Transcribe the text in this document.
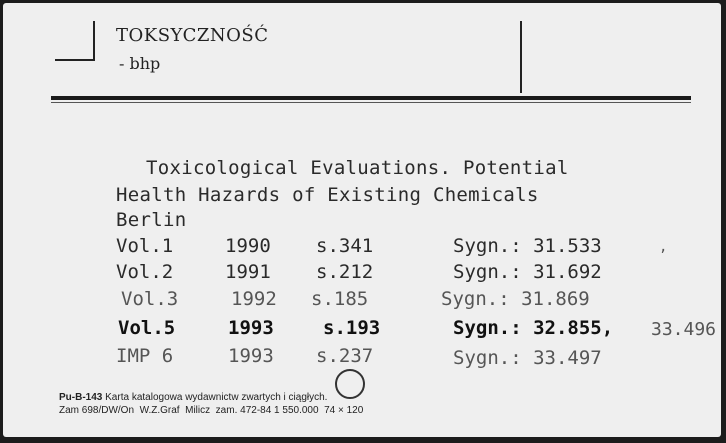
TOKSYCZNOŚĆ
- bhp
Toxicological Evaluations. Potential
Health Hazards of Existing Chemicals
Berlin
Vol.1	1990 s.341	Sygn.: 31.533	,
Vol.2	1991 s.212	Sygn.: 31.692
Vol.3	1992 s.185	Sygn.: 31.869
Vol.5	1993	s.193	Sygn.: 32.855, 33.496
IMP 6	1993 s.237	Sygn.: 33.497
Pu-B-143 Karta katalogowa wydawnictw zwartych i ciągłych.
Zam 698/DW/On  W.Z.Graf  Milicz  zam. 472-84 1 550.000  74 × 120
